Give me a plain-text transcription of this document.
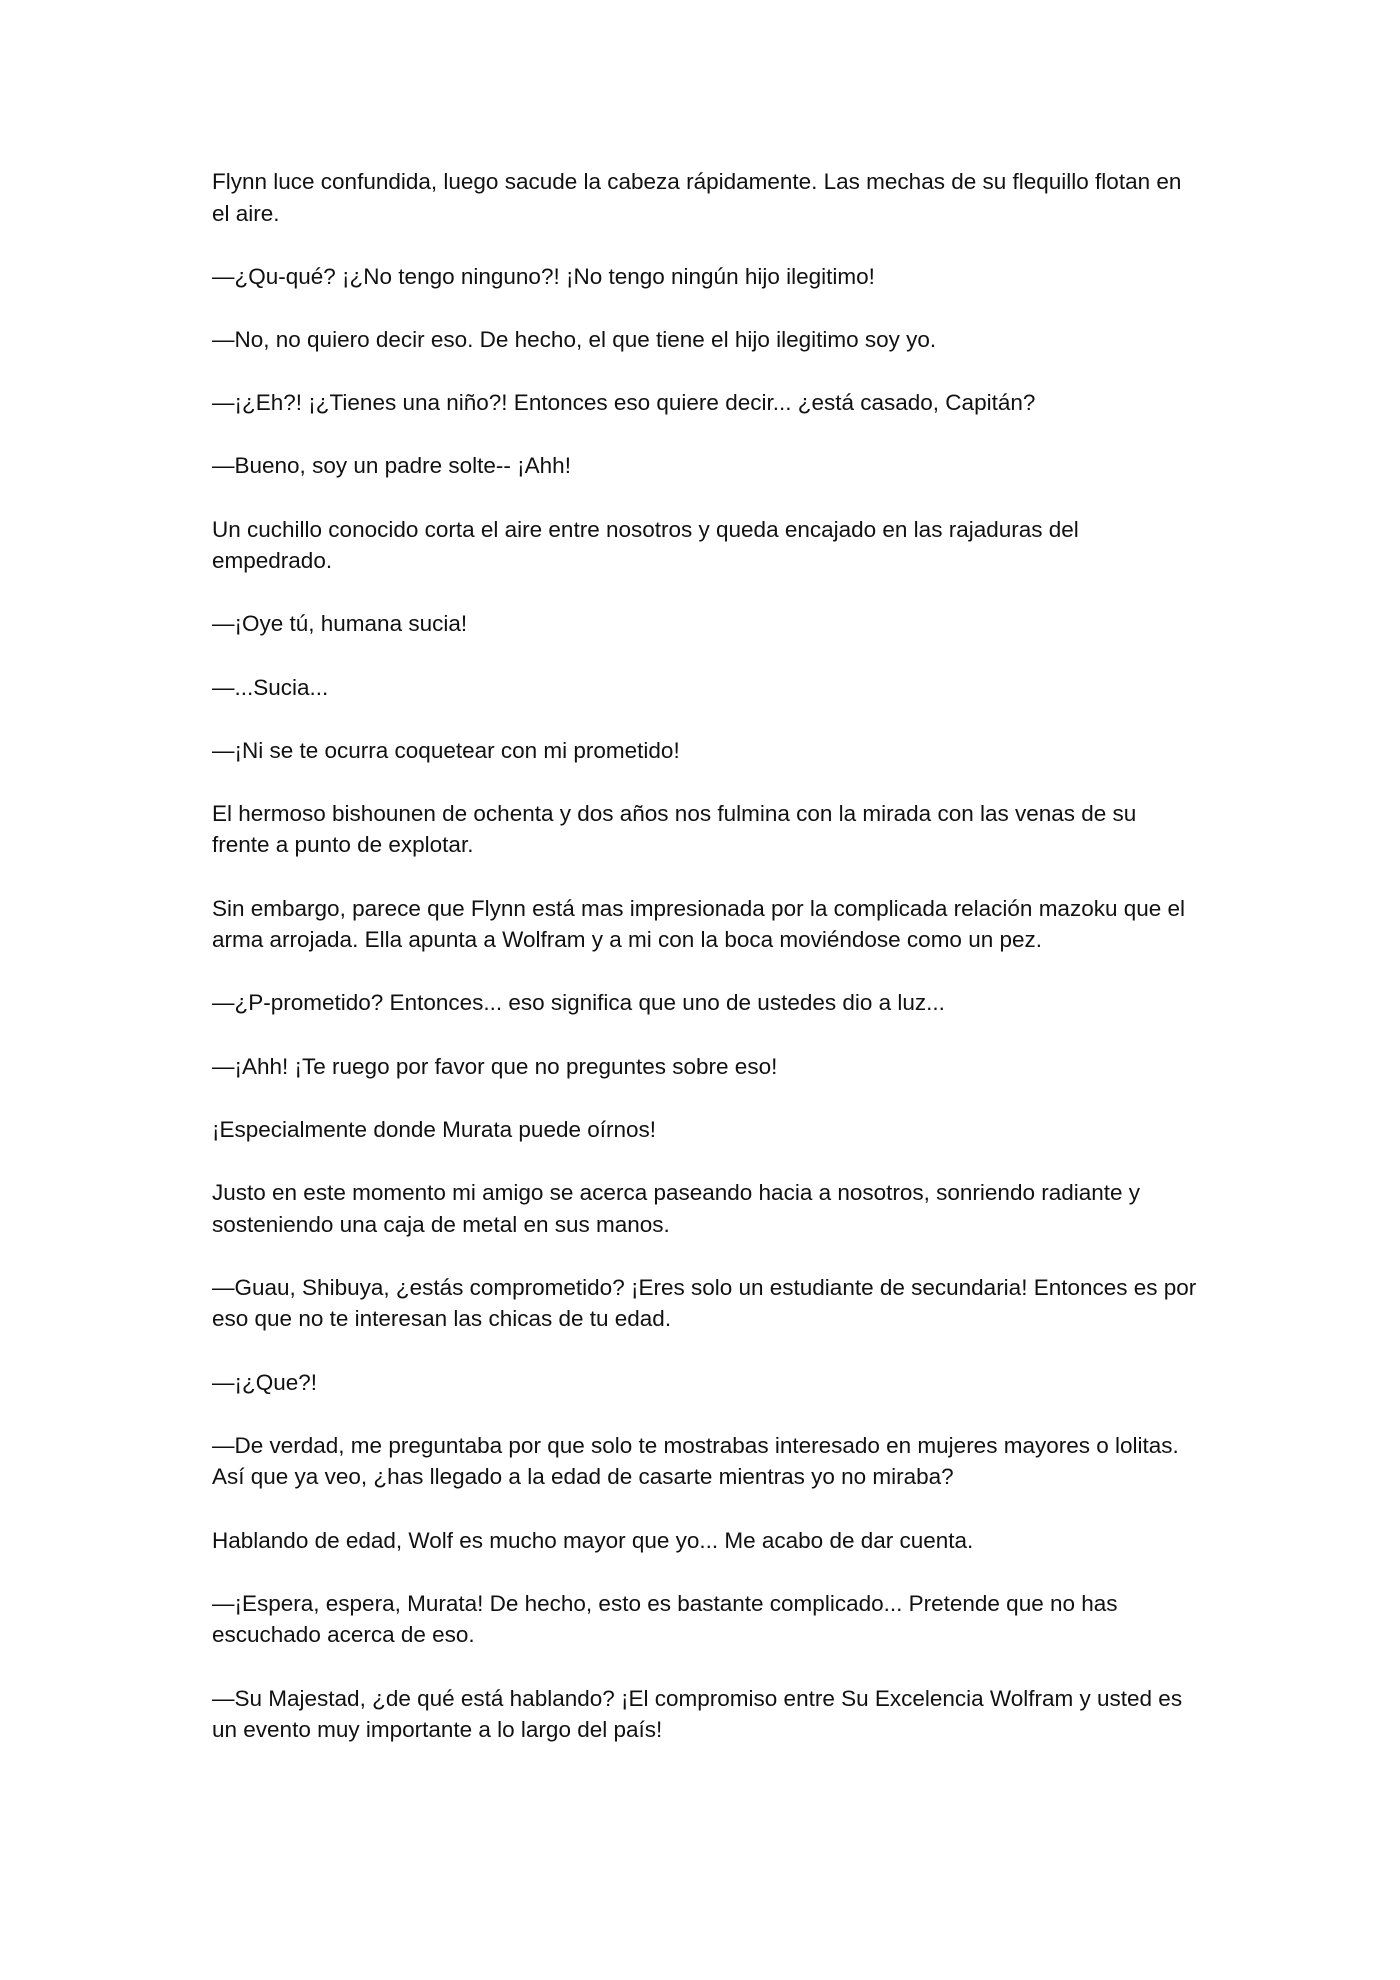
Flynn luce confundida, luego sacude la cabeza rápidamente. Las mechas de su flequillo flotan en el aire.

—¿Qu-qué? ¡¿No tengo ninguno?! ¡No tengo ningún hijo ilegitimo!

—No, no quiero decir eso. De hecho, el que tiene el hijo ilegitimo soy yo.

—¡¿Eh?! ¡¿Tienes una niño?! Entonces eso quiere decir... ¿está casado, Capitán?

—Bueno, soy un padre solte-- ¡Ahh!

Un cuchillo conocido corta el aire entre nosotros y queda encajado en las rajaduras del empedrado.

—¡Oye tú, humana sucia!

—...Sucia...

—¡Ni se te ocurra coquetear con mi prometido!

El hermoso bishounen de ochenta y dos años nos fulmina con la mirada con las venas de su frente a punto de explotar.

Sin embargo, parece que Flynn está mas impresionada por la complicada relación mazoku que el arma arrojada. Ella apunta a Wolfram y a mi con la boca moviéndose como un pez.

—¿P-prometido? Entonces... eso significa que uno de ustedes dio a luz...

—¡Ahh! ¡Te ruego por favor que no preguntes sobre eso!

¡Especialmente donde Murata puede oírnos!

Justo en este momento mi amigo se acerca paseando hacia a nosotros, sonriendo radiante y sosteniendo una caja de metal en sus manos.

—Guau, Shibuya, ¿estás comprometido? ¡Eres solo un estudiante de secundaria! Entonces es por eso que no te interesan las chicas de tu edad.

—¡¿Que?!

—De verdad, me preguntaba por que solo te mostrabas interesado en mujeres mayores o lolitas. Así que ya veo, ¿has llegado a la edad de casarte mientras yo no miraba?

Hablando de edad, Wolf es mucho mayor que yo... Me acabo de dar cuenta.

—¡Espera, espera, Murata! De hecho, esto es bastante complicado... Pretende que no has escuchado acerca de eso.

—Su Majestad, ¿de qué está hablando? ¡El compromiso entre Su Excelencia Wolfram y usted es un evento muy importante a lo largo del país!
